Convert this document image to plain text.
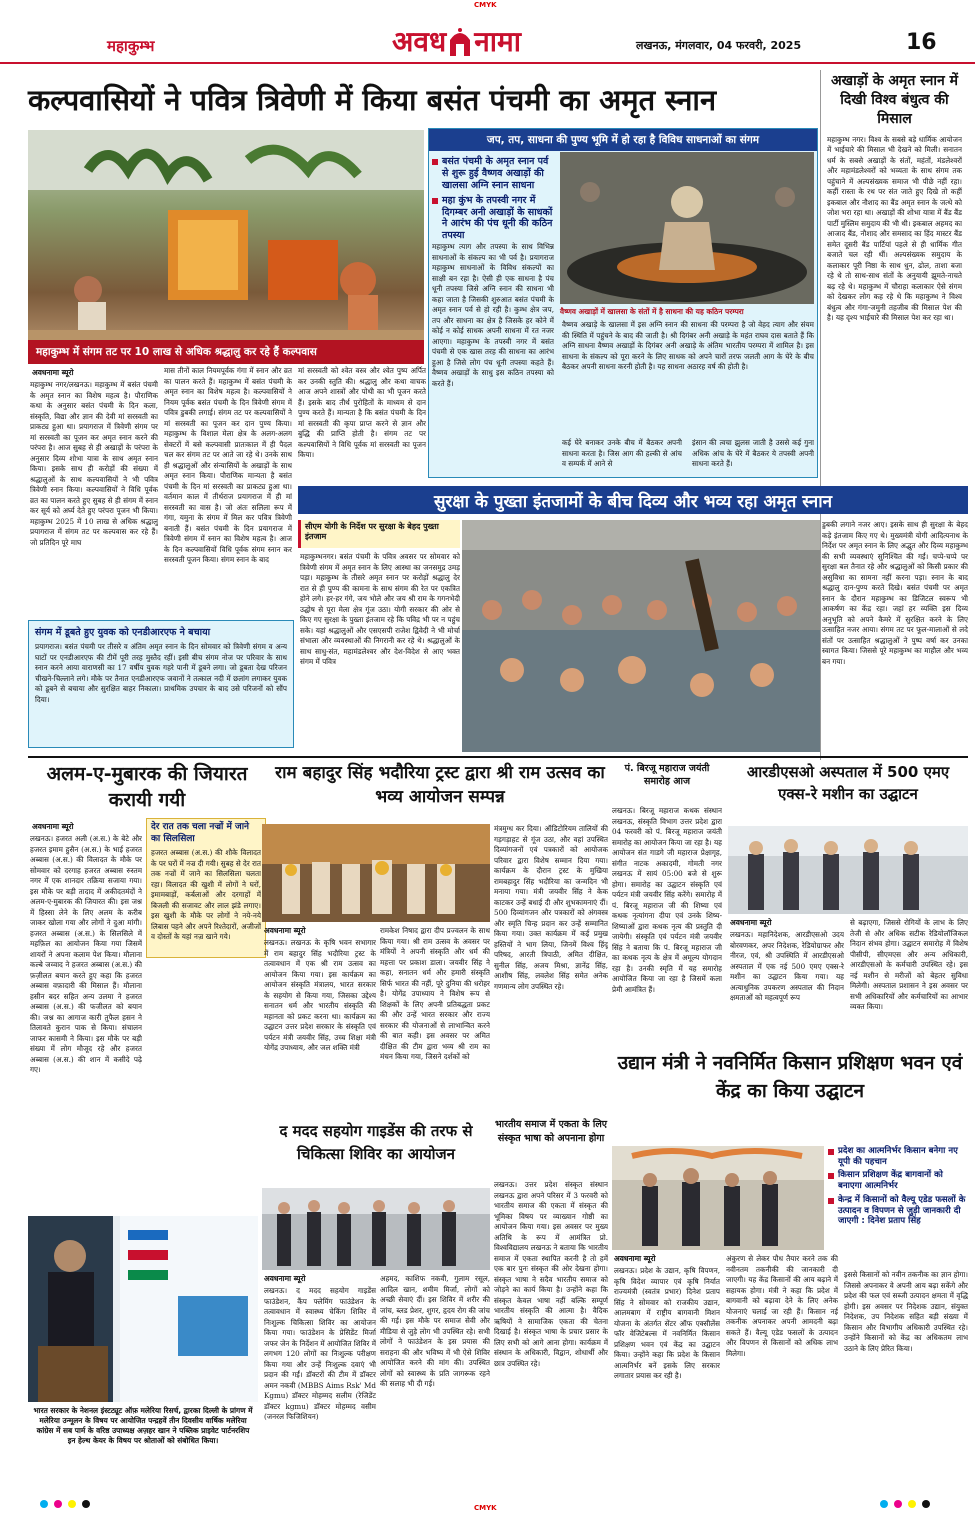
CMYK
महाकुम्भ	अवध नामा	लखनऊ, मंगलवार, 04 फरवरी, 2025	16
कल्पवासियों ने पवित्र त्रिवेणी में किया बसंत पंचमी का अमृत स्नान
अखाड़ों के अमृत स्नान में दिखी विश्व बंधुत्व की मिसाल
महाकुम्भ नगर। विश्व के सबसे बड़े धार्मिक आयोजन में भाईचारे की मिसाल भी देखने को मिली। सनातन धर्म के सबसे अखाड़ों के संतों, महंतों, मंडलेश्वरों और महामंडलेश्वरों को भव्यता के साथ संगम तक पहुंचाने में अल्पसंख्यक समाज भी पीछे नहीं रहा। कहीं रास्ता के रथ पर संत जाते हुए दिखे तो कहीं इकबाल और नौशाद का बैंड अमृत स्नान के जत्थे को जोश भरा रहा था। अखाड़ों की शोभा यात्रा में बैंड बैंड पार्टी मुस्लिम समुदाय की भी थी। इकबाल अहमद का आजाद बैंड, नौशाद और समसाद का हिंद मास्टर बैंड समेत दूसरी बैंड पार्टियां पहले से ही धार्मिक गीत बजाते चल रही थीं। अल्पसंख्यक समुदाय के कलाकार पूरी निष्ठा के साथ धुन, ढोल, ताशा बजा रहे थे तो साथ-साथ संतों के अनुयायी झूमते-नाचते बढ़ रहे थे। महाकुम्भ में चौराहा कलाकार ऐसे संगम को देखकर लोग कह रहे थे कि महाकुम्भ ने विश्व बंधुत्व और गंगा-जमुनी तहजीब की मिसाल पेश की है। यह दृश्य भाईचारे की मिसाल पेश कर रहा था।
महाकुम्भ में संगम तट पर 10 लाख से अधिक श्रद्धालु कर रहे हैं कल्पवास
अवधनामा ब्यूरो
महाकुम्भ नगर/लखनऊ। महाकुम्भ में बसंत पंचमी के अमृत स्नान का विशेष महत्व है। पौराणिक कथा के अनुसार बसंत पंचमी के दिन कला, संस्कृति, विद्या और ज्ञान की देवी मां सरस्वती का प्राकट्य हुआ था। प्रयागराज में त्रिवेणी संगम पर मां सरस्वती का पूजन कर अमृत स्नान करने की परंपरा है। आज सुबह से ही अखाड़ों के परंपरा के अनुसार दिव्य शोभा यात्रा के साथ अमृत स्नान किया। इसके साथ ही करोड़ों की संख्या में श्रद्धालुओं के साथ कल्पवासियों ने भी पवित्र त्रिवेणी स्नान किया। कल्पवासियों ने विधि पूर्वक व्रत का पालन करते हुए सुबह से ही संगम में स्नान कर सूर्य को अर्घ्य देते हुए परंपरा पूजन भी किया। महाकुम्भ 2025 में 10 लाख से अधिक श्रद्धालु प्रयागराज में संगम तट पर कल्पवास कर रहे हैं। जो प्रतिदिन पूरे माघ
मास तीनों काल नियमपूर्वक गंगा में स्नान और व्रत का पालन करते हैं। महाकुम्भ में बसंत पंचमी के अमृत स्नान का विशेष महत्व है। कल्पवासियों ने नियम पूर्वक बसंत पंचमी के दिन त्रिवेणी संगम में पवित्र डुबकी लगाई। संगम तट पर कल्पवासियों ने मां सरस्वती का पूजन कर दान पुण्य किया। महाकुम्भ के विशाल मेला क्षेत्र के अलग-अलग सेक्टरों में बसे कल्पवासी प्रातःकाल में ही पैदल चल कर संगम तट पर आते जा रहे थे। उनके साथ ही श्रद्धालुओं और संन्यासियों के अखाड़ों के साथ अमृत स्नान किया। पौराणिक मान्यता है बसंत पंचमी के दिन मां सरस्वती का प्राकट्य हुआ था। वर्तमान काल में तीर्थराज प्रयागराज में ही मां सरस्वती का वास है। जो अंतः सलिला रूप में गंगा, यमुना के संगम में मिल कर पवित्र त्रिवेणी बनाती हैं। बसंत पंचमी के दिन प्रयागराज में त्रिवेणी संगम में स्नान का विशेष महत्व है। आज के दिन कल्पवासियों विधि पूर्वक संगम स्नान कर सरस्वती पूजन किया। संगम स्नान के बाद
मां सरस्वती को श्वेत वस्त्र और श्वेत पुष्प अर्पित कर उनकी स्तुति की। श्रद्धालु और कथा वाचक आज अपने शास्त्रों और पोथी का भी पूजन करते हैं। इसके बाद तीर्थ पुरोहितों के माध्यम से दान पुण्य करते हैं। मान्यता है कि बसंत पंचमी के दिन मां सरस्वती की कृपा प्राप्त करने से ज्ञान और बुद्धि की प्राप्ति होती है। संगम तट पर कल्पवासियों ने विधि पूर्वक मां सरस्वती का पूजन किया।
जप, तप, साधना की पुण्य भूमि में हो रहा है विविध साधनाओं का संगम
बसंत पंचमी के अमृत स्नान पर्व से शुरू हुई वैष्णव अखाड़ों की खालसा अग्नि स्नान साधना
महा कुंभ के तपस्वी नगर में दिगम्बर अनी अखाड़ों के साधकों ने आरंभ की पंच धूनी की कठिन तपस्या
महाकुम्भ त्याग और तपस्या के साथ विभिन्न साधनाओं के संकल्प का भी पर्व है। प्रयागराज महाकुम्भ साधनाओं के विविध संकल्पों का साक्षी बन रहा है। ऐसी ही एक साधना है पंच धूनी तपस्या जिसे अग्नि स्नान की साधना भी कहा जाता है जिसकी शुरुआत बसंत पंचमी के अमृत स्नान पर्व से हो रही है। कुम्भ क्षेत्र जप, तप और साधना का क्षेत्र है जिसके हर कोने में कोई न कोई साधक अपनी साधना में रत नजर आएगा। महाकुम्भ के तपस्वी नगर में बसंत पंचमी से एक खास तरह की साधना का आरंभ हुआ है जिसे लोग पंच धूनी तपस्या कहते हैं। वैष्णव अखाड़ों के साधु इस कठिन तपस्या को करते हैं।
वैष्णव अखाड़ों में खालसा के संतों में है साधना की यह कठिन परम्परा
वैष्णव अखाड़े के खालसा में इस अग्नि स्नान की साधना की परम्परा है जो वेहद त्याग और संयम की स्थिति में पहुंचने के बाद की जाती है। श्री दिगंबर अनी अखाड़े के महंत राघव दास बताते हैं कि अग्नि साधना वैष्णव अखाड़ों के दिगंबर अनी अखाड़े के अंतिम भारतीय परम्परा में शामिल है। इस साधना के संकल्प को पूरा करने के लिए साधक को अपने चारों तरफ जलती आग के घेरे के बीच बैठकर अपनी साधना करनी होती है। यह साधना अठारह वर्ष की होती है।
कई घेरे बनाकर उनके बीच में बैठकर अपनी साधना करता है। जिस आग की हल्की से आंच व सम्पर्क में आने से
इंसान की त्वचा झुलस जाती है उससे कई गुना अधिक आंच के घेरे में बैठकर ये तपस्वी अपनी साधना करते हैं।
सुरक्षा के पुख्ता इंतजामों के बीच दिव्य और भव्य रहा अमृत स्नान
सीएम योगी के निर्देश पर सुरक्षा के बेहद पुख्ता इंतजाम
महाकुम्भनगर। बसंत पंचमी के पवित्र अवसर पर सोमवार को त्रिवेणी संगम में अमृत स्नान के लिए आस्था का जनसमुद्र उमड़ पड़ा। महाकुम्भ के तीसरे अमृत स्नान पर करोड़ों श्रद्धालु देर रात से ही पुण्य की कामना के साथ संगम की रेत पर एकत्रित होने लगे। हर-हर गंगे, जय भोले और जय श्री राम के गगनभेदी उद्घोष से पूरा मेला क्षेत्र गूंज उठा। योगी सरकार की ओर से किए गए सुरक्षा के पुख्ता इंतजाम रहे कि पविद्र भी पर न पहुंच सके। यहां श्रद्धालुओं और एसएसपी राजेश द्विवेदी ने भी मोर्चा संभाला और व्यवस्थाओं की निगरानी कर रहे थे। श्रद्धालुओं के साथ साधु-संत, महामंडलेश्वर और देश-विदेश से आए भक्त संगम में पवित्र
डुबकी लगाने नजर आए। इसके साथ ही सुरक्षा के बेहद कड़े इंतजाम किए गए थे। मुख्यमंत्री योगी आदित्यनाथ के निर्देश पर अमृत स्नान के लिए अद्भुत और दिव्य महाकुम्भ की सभी व्यवस्थाएं सुनिश्चित की गईं। चप्पे-चप्पे पर सुरक्षा बल तैनात रहे और श्रद्धालुओं को किसी प्रकार की असुविधा का सामना नहीं करना पड़ा। स्नान के बाद श्रद्धालु दान-पुण्य करते दिखे। बसंत पंचमी पर अमृत स्नान के दौरान महाकुम्भ का डिजिटल स्वरूप भी आकर्षण का केंद्र रहा। जहां हर व्यक्ति इस दिव्य अनुभूति को अपने कैमरे में सुरक्षित करने के लिए उत्साहित नजर आया। संगम तट पर फूल-मालाओं से लदे संतों पर उत्साहित श्रद्धालुओं ने पुष्प वर्षा कर उनका स्वागत किया। जिससे पूरे महाकुम्भ का माहौल और भव्य बन गया।
संगम में डूबते हुए युवक को एनडीआरएफ ने बचाया
प्रयागराज। बसंत पंचमी पर तीसरे व अंतिम अमृत स्नान के दिन सोमवार को त्रिवेणी संगम व अन्य घाटों पर एनडीआरएफ की टीमें पूरी तरह मुस्तैद रहीं। इसी बीच संगम नोज पर परिवार के साथ स्नान करने आया वाराणसी का 17 वर्षीय युवक गहरे पानी में डूबने लगा। जो डूबता देख परिजन चीखने-चिल्लाने लगे। मौके पर तैनात एनडीआरएफ जवानों ने तत्काल नदी में छलांग लगाकर युवक को डूबने से बचाया और सुरक्षित बाहर निकाला। प्राथमिक उपचार के बाद उसे परिजनों को सौंप दिया।
अलम-ए-मुबारक की जियारत करायी गयी
अवधनामा ब्यूरो
लखनऊ। हजरत अली (अ.स.) के बेटे और हजरत इमाम हुसैन (अ.स.) के भाई हजरत अब्बास (अ.स.) की विलादत के मौके पर सोमवार को दरगाह हजरत अब्बास रुस्तम नगर में एक शानदार तक्रिया सजाया गया। इस मौके पर बड़ी तादाद में अकीदतमंदों ने अलम-ए-मुबारक की जियारत की। इस जश्न में हिस्सा लेने के लिए अलम के करीब जाकर खोला गया और लोगों ने दुआ मांगी। हजरत अब्बास (अ.स.) के सिलसिले में महफ़िल का आयोजन किया गया जिसमें शायरों ने अपना कलाम पेश किया। मौलाना कल्बे जव्वाद ने हजरत अब्बास (अ.स.) की फ़ज़ीलत बयान करते हुए कहा कि हजरत अब्बास वफ़ादारी की मिसाल हैं। मौलाना हसीन बदर सहित अन्य उलमा ने हजरत अब्बास (अ.स.) की फजीलत को बयान की। जश्न का आगाज कारी तुफैल हसन ने तिलावते कुरान पाक से किया। संचालन जाफर कासमी ने किया। इस मौके पर बड़ी संख्या में लोग मौजूद रहे और हजरत अब्बास (अ.स.) की शान में कसीदे पढ़े गए।
देर रात तक चला नज्रों में जाने का सिलसिला
हजरत अब्बास (अ.स.) की शौके विलादत के पर घरों में नज्र दी गयी। सुबह से देर रात तक नज्रों में जाने का सिलसिला चलता रहा। विलादत की खुशी में लोगों ने घरों, इमामबाड़ों, कर्बलाओं और दरगाहों में बिजली की सजावट और लाल झंडे लगाए। इस खुशी के मौके पर लोगों ने नये-नये लिबास पहने और अपने रिश्तेदारों, अजीजों व दोस्तों के यहां नज़्र खाने गये।
राम बहादुर सिंह भदौरिया ट्रस्ट द्वारा श्री राम उत्सव का भव्य आयोजन सम्पन्न
अवधनामा ब्यूरो
लखनऊ। लखनऊ के कृषि भवन सभागार में राम बहादुर सिंह भदौरिया ट्रस्ट के तत्वावधान में एक श्री राम उत्सव का आयोजन किया गया। इस कार्यक्रम का आयोजन संस्कृति मंत्रालय, भारत सरकार के सहयोग से किया गया, जिसका उद्देश्य सनातन धर्म और भारतीय संस्कृति की महानता को प्रकट करना था। कार्यक्रम का उद्घाटन उत्तर प्रदेश सरकार के संस्कृति एवं पर्यटन मंत्री जयवीर सिंह, उच्च शिक्षा मंत्री योगेंद्र उपाध्याय, और जल शक्ति मंत्री
रामकेश निषाद द्वारा दीप प्रज्वलन के साथ किया गया। श्री राम उत्सव के अवसर पर मंत्रियों ने अपनी संस्कृति और धर्म की महत्ता पर प्रकाश डाला। जयवीर सिंह ने कहा, सनातन धर्म और हमारी संस्कृति सिर्फ भारत की नहीं, पूरे दुनिया की धरोहर है। योगेंद्र उपाध्याय ने विशेष रूप से शिक्षकों के लिए अपनी प्रतिबद्धता प्रकट की और उन्हें भारत सरकार और राज्य सरकार की योजनाओं से लाभान्वित करने की बात कही। इस अवसर पर अमित दीक्षित की टीम द्वारा भव्य श्री राम का मंचन किया गया, जिसने दर्शकों को
मंत्रमुग्ध कर दिया। ऑडिटोरियम तालियों की गड़गड़ाहट से गूंज उठा, और वहां उपस्थित दिव्यांगजनों एवं पत्रकारों को आयोजक परिवार द्वारा विशेष सम्मान दिया गया। कार्यक्रम के दौरान ट्रस्ट के मुखिया रामबहादुर सिंह भदौरिया का जन्मदिन भी मनाया गया। मंत्री जयवीर सिंह ने केक काटकर उन्हें बधाई दी और शुभकामनाएं दीं। 500 दिव्यांगजन और पत्रकारों को अंगवस्त्र और स्मृति चिन्ह प्रदान कर उन्हें सम्मानित किया गया। उक्त कार्यक्रम में कई प्रमुख हस्तियों ने भाग लिया, जिनमें विश्व हिंदू परिषद, आरती त्रिपाठी, अमित दीक्षित, सुनील सिंह, अजय मिश्रा, ज्ञानेंद्र सिंह, आशीष सिंह, लवलेश सिंह समेत अनेक गणमान्य लोग उपस्थित रहे।
पं. बिरजू महाराज जयंती समारोह आज
लखनऊ। बिरजू महाराज कथक संस्थान लखनऊ, संस्कृति विभाग उत्तर प्रदेश द्वारा 04 फरवरी को पं. बिरजू महाराज जयंती समारोह का आयोजन किया जा रहा है। यह आयोजन संत गाडगे जी महाराज प्रेक्षागृह, संगीत नाटक अकादमी, गोमती नगर लखनऊ में सायं 05:00 बजे से शुरू होगा। समारोह का उद्घाटन संस्कृति एवं पर्यटन मंत्री जयवीर सिंह करेंगे। समारोह में पं. बिरजू महाराज जी की शिष्या एवं कथक नृत्यांगना दीपा एवं उनके शिष्य-शिष्याओं द्वारा कथक नृत्य की प्रस्तुति दी जायेगी। संस्कृति एवं पर्यटन मंत्री जयवीर सिंह ने बताया कि पं. बिरजू महाराज जी का कथक नृत्य के क्षेत्र में अमूल्य योगदान रहा है। उनकी स्मृति में यह समारोह आयोजित किया जा रहा है जिसमें कला प्रेमी आमंत्रित हैं।
आरडीएसओ अस्पताल में 500 एमए एक्स-रे मशीन का उद्घाटन
अवधनामा ब्यूरो
लखनऊ। महानिदेशक, आरडीएसओ उदय बोरवणकर, अपर निदेशक, रेडियोग्राफर और नीरज, एवं, श्री उपस्थिति में आरडीएसओ अस्पताल में एक नई 500 एमए एक्स-रे मशीन का उद्घाटन किया गया। यह अत्याधुनिक उपकरण अस्पताल की निदान क्षमताओं को महत्वपूर्ण रूप
से बढ़ाएगा, जिससे रोगियों के लाभ के लिए तेजी से और अधिक सटीक रेडियोलॉजिकल निदान संभव होगा। उद्घाटन समारोह में विशेष पीसीपी, सीएमएस और अन्य अधिकारी, आरडीएसओ के कर्मचारी उपस्थित रहे। इस नई मशीन से मरीजों को बेहतर सुविधा मिलेगी। अस्पताल प्रशासन ने इस अवसर पर सभी अधिकारियों और कर्मचारियों का आभार व्यक्त किया।
भारतीय समाज में एकता के लिए संस्कृत भाषा को अपनाना होगा
लखनऊ। उत्तर प्रदेश संस्कृत संस्थान लखनऊ द्वारा अपने परिसर में 3 फरवरी को भारतीय समाज की एकता में संस्कृत की भूमिका विषय पर व्याख्यान गोष्ठी का आयोजन किया गया। इस अवसर पर मुख्य अतिथि के रूप में आमंत्रित प्रो. विश्वविद्यालय लखनऊ ने बताया कि भारतीय समाज में एकता स्थापित करनी है तो हमें एक बार पुनः संस्कृत की ओर देखना होगा। संस्कृत भाषा ने सदैव भारतीय समाज को जोड़ने का कार्य किया है। उन्होंने कहा कि संस्कृत केवल भाषा नहीं बल्कि सम्पूर्ण भारतीय संस्कृति की आत्मा है। वैदिक ऋषियों ने सामाजिक एकता की चेतना दिखाई है। संस्कृत भाषा के प्रचार प्रसार के लिए सभी को आगे आना होगा। कार्यक्रम में संस्थान के अधिकारी, विद्वान, शोधार्थी और छात्र उपस्थित रहे।
द मदद सहयोग गाइडेंस की तरफ से चिकित्सा शिविर का आयोजन
अवधनामा ब्यूरो
लखनऊ। द मदद सहयोग गाइडेंस फाउंडेशन, कैंप फ्लेमिंग फाउंडेशन के तत्वावधान में स्वास्थ्य चेकिंग शिविर में निःशुल्क चिकित्सा शिविर का आयोजन किया गया। फाउंडेशन के प्रेसिडेंट मिर्जा जफर जेन के निर्देशन में आयोजित शिविर में लगभग 120 लोगों का निःशुल्क परीक्षण किया गया और उन्हें निःशुल्क दवाएं भी प्रदान की गईं। डॉक्टरों की टीम में डॉक्टर अमन नकवी (MBBS Aims Rsk' Md Kgmu) डॉक्टर मोहम्मद सलीम (रेजिडेंट डॉक्टर kgmu) डॉक्टर मोहम्मद वसीम (जनरल फिजिशियन)
अहमद, काशिफ नकवी, गुलाम रसूल, आदिल खान, शमीम मिर्जा, लोगों को अच्छी सेवाएं दीं। इस शिविर में शरीर की जांच, ब्लड प्रेशर, शुगर, हृदय रोग की जांच की गई। इस मौके पर समाज सेवी और मीडिया से जुड़े लोग भी उपस्थित रहे। सभी लोगों ने फाउंडेशन के इस प्रयास की सराहना की और भविष्य में भी ऐसे शिविर आयोजित करने की मांग की। उपस्थित लोगों को स्वास्थ्य के प्रति जागरूक रहने की सलाह भी दी गई।
भारत सरकार के नेशनल इंस्टट्यूट ऑफ़ मलेरिया रिसर्च, द्वारका दिल्ली के प्रांगण में मलेरिया उन्मूलन के विषय पर आयोजित पन्द्रहवें तीन दिवसीय वार्षिक मलेरिया कांग्रेस में सब पार्म के वरिष्ठ उपाध्यक्ष अज़हर खान ने पब्लिक प्राइवेट पार्टनरशिप इन हेल्थ केयर के विषय पर श्रोताओं को संबोधित किया।
उद्यान मंत्री ने नवनिर्मित किसान प्रशिक्षण भवन एवं केंद्र का किया उद्घाटन
प्रदेश का आत्मनिर्भर किसान बनेगा नए यूपी की पहचान
किसान प्रशिक्षण केंद्र बागवानों को बनाएगा आत्मनिर्भर
केन्द्र में किसानों को वैल्यू एडेड फसलों के उत्पादन व विपणन से जुड़ी जानकारी दी जाएगी : दिनेश प्रताप सिंह
अवधनामा ब्यूरो
लखनऊ। प्रदेश के उद्यान, कृषि विपणन, कृषि विदेश व्यापार एवं कृषि निर्यात राज्यमंत्री (स्वतंत्र प्रभार) दिनेश प्रताप सिंह ने सोमवार को राजकीय उद्यान, आलमबाग में राष्ट्रीय बागवानी मिशन योजना के अंतर्गत सेंटर ऑफ एक्सीलेंस फॉर वेजिटेबल्स में नवनिर्मित किसान प्रशिक्षण भवन एवं केंद्र का उद्घाटन किया। उन्होंने कहा कि प्रदेश के किसान आत्मनिर्भर बनें इसके लिए सरकार लगातार प्रयास कर रही है।
अंकुरण से लेकर पौध तैयार करने तक की नवीनतम तकनीकी की जानकारी दी जाएगी। यह केंद्र किसानों की आय बढ़ाने में सहायक होगा। मंत्री ने कहा कि प्रदेश में बागवानी को बढ़ावा देने के लिए अनेक योजनाएं चलाई जा रही हैं। किसान नई तकनीक अपनाकर अपनी आमदनी बढ़ा सकते हैं। वैल्यू एडेड फसलों के उत्पादन और विपणन से किसानों को अधिक लाभ मिलेगा।
इससे किसानों को नवीन तकनीक का ज्ञान होगा। जिससे अपनाकर वे अपनी आय बढ़ा सकेंगे और प्रदेश की फल एवं सब्जी उत्पादन क्षमता में वृद्धि होगी। इस अवसर पर निदेशक उद्यान, संयुक्त निदेशक, उप निदेशक सहित बड़ी संख्या में किसान और विभागीय अधिकारी उपस्थित रहे। उन्होंने किसानों को केंद्र का अधिकतम लाभ उठाने के लिए प्रेरित किया।
CMYK
